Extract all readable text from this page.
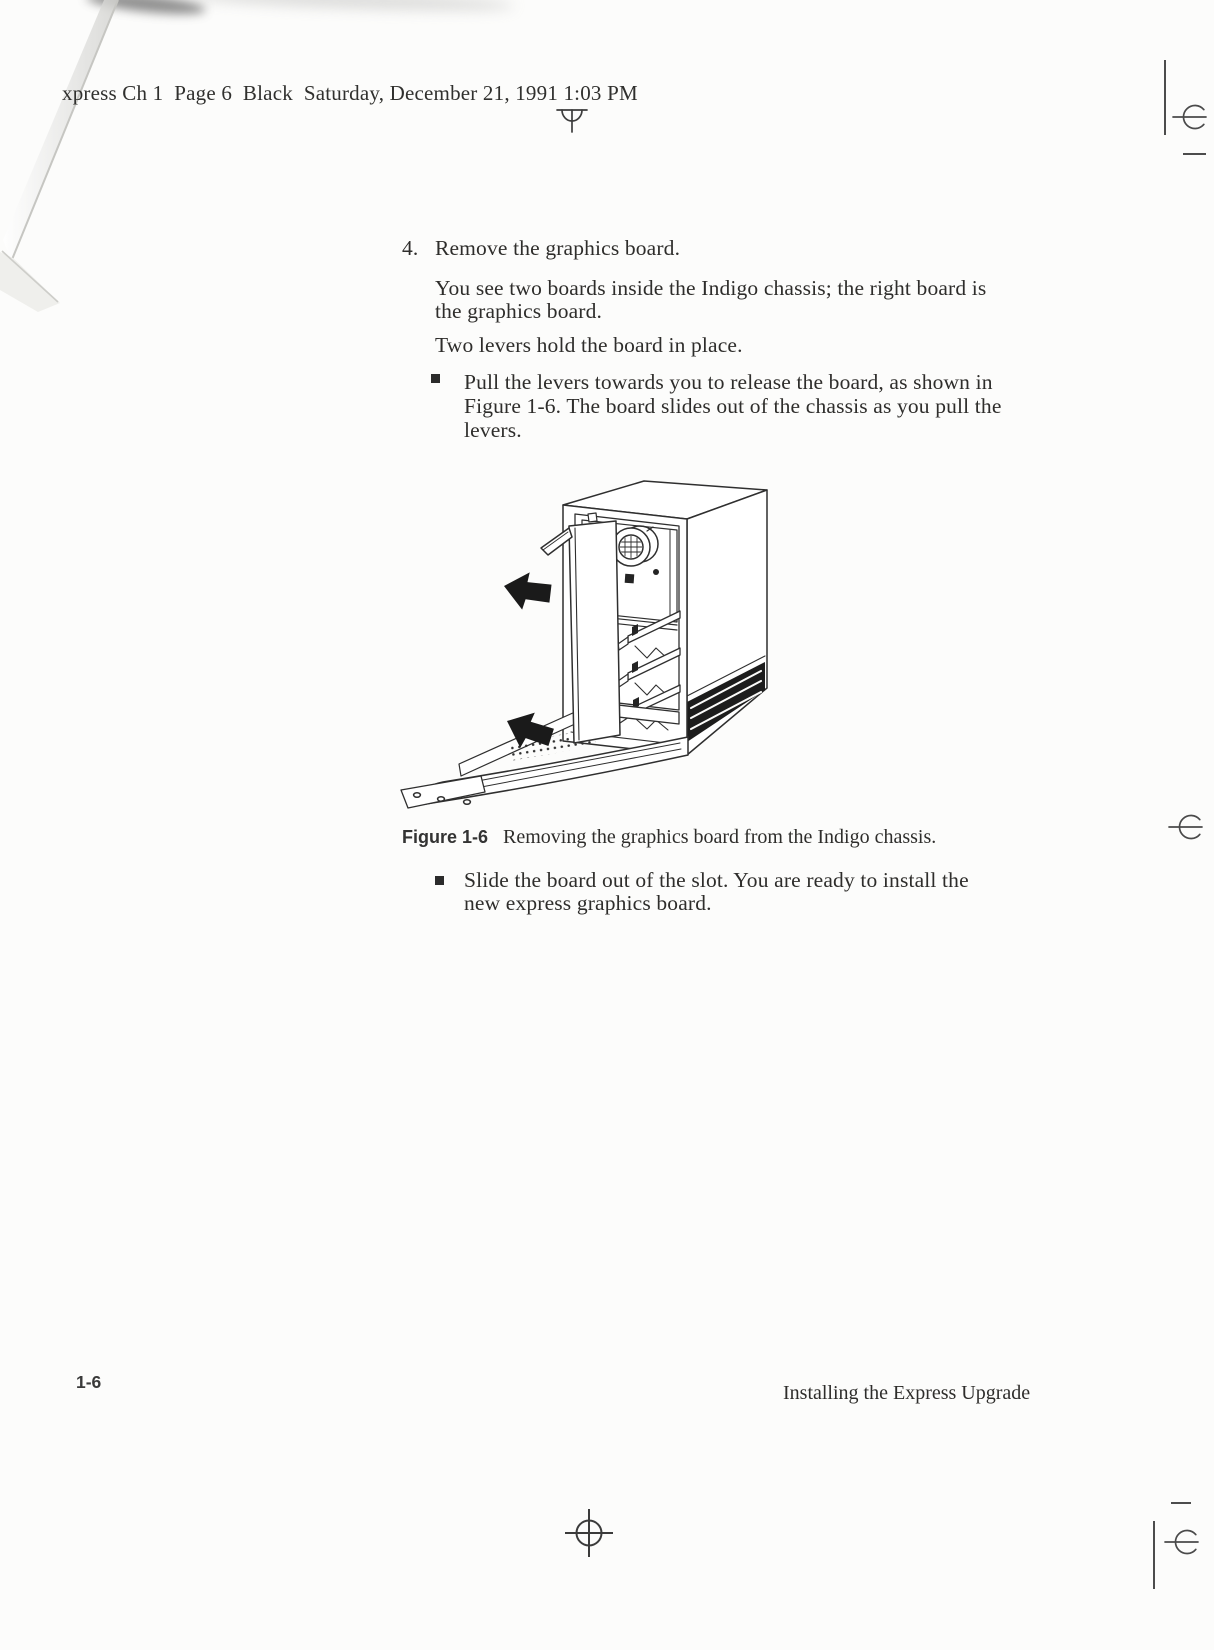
xpress Ch 1  Page 6  Black  Saturday, December 21, 1991 1:03 PM
4. Remove the graphics board.
You see two boards inside the Indigo chassis; the right board is
the graphics board.
Two levers hold the board in place.
Pull the levers towards you to release the board, as shown in
Figure 1-6. The board slides out of the chassis as you pull the
levers.
Figure 1-6 Removing the graphics board from the Indigo chassis.
Slide the board out of the slot. You are ready to install the
new express graphics board.
1-6	Installing the Express Upgrade
